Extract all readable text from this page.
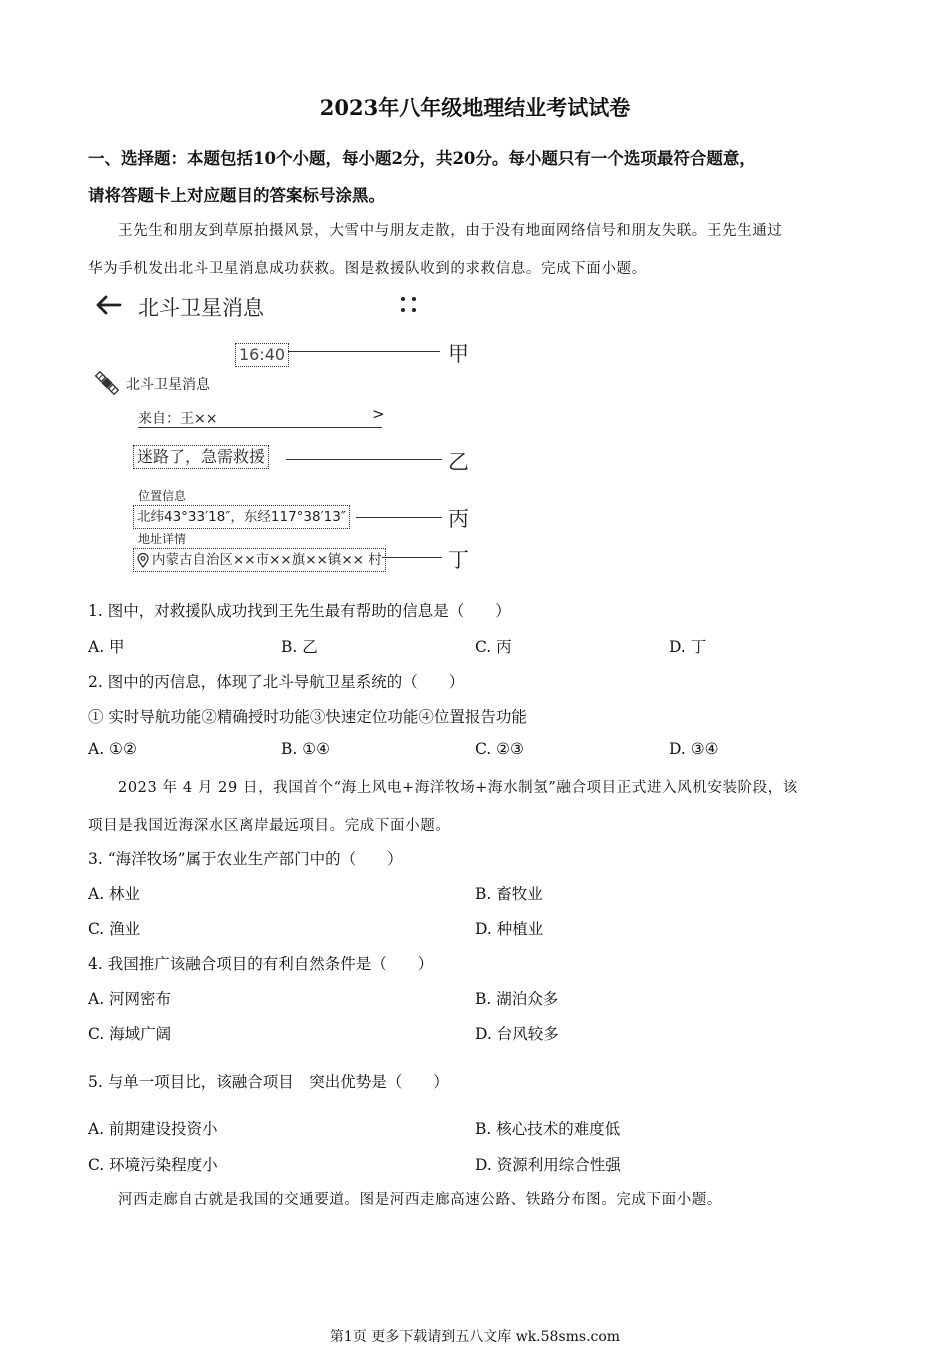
2023年八年级地理结业考试试卷
一、选择题：本题包括10个小题，每小题2分，共20分。每小题只有一个选项最符合题意，
请将答题卡上对应题目的答案标号涂黑。
王先生和朋友到草原拍摄风景，大雪中与朋友走散，由于没有地面网络信号和朋友失联。王先生通过
华为手机发出北斗卫星消息成功获救。图是救援队收到的求救信息。完成下面小题。
北斗卫星消息
16:40	甲
北斗卫星消息
来自：王××	>
迷路了，急需救援	乙
位置信息
北纬43°33′18″，东经117°38′13″	丙
地址详情
内蒙古自治区××市××旗××镇×× 村	丁
1. 图中，对救援队成功找到王先生最有帮助的信息是（　　）
A. 甲	B. 乙	C. 丙	D. 丁
2. 图中的丙信息，体现了北斗导航卫星系统的（　　）
① 实时导航功能②精确授时功能③快速定位功能④位置报告功能
A. ①②	B. ①④	C. ②③	D. ③④
2023 年 4 月 29 日，我国首个“海上风电+海洋牧场+海水制氢”融合项目正式进入风机安装阶段，该
项目是我国近海深水区离岸最远项目。完成下面小题。
3. “海洋牧场”属于农业生产部门中的（　　）
A. 林业	B. 畜牧业
C. 渔业	D. 种植业
4. 我国推广该融合项目的有利自然条件是（　　）
A. 河网密布	B. 湖泊众多
C. 海域广阔	D. 台风较多
5. 与单一项目比，该融合项目　突出优势是（　　）
A. 前期建设投资小	B. 核心技术的难度低
C. 环境污染程度小	D. 资源利用综合性强
河西走廊自古就是我国的交通要道。图是河西走廊高速公路、铁路分布图。完成下面小题。
第1页 更多下载请到五八文库 wk.58sms.com
